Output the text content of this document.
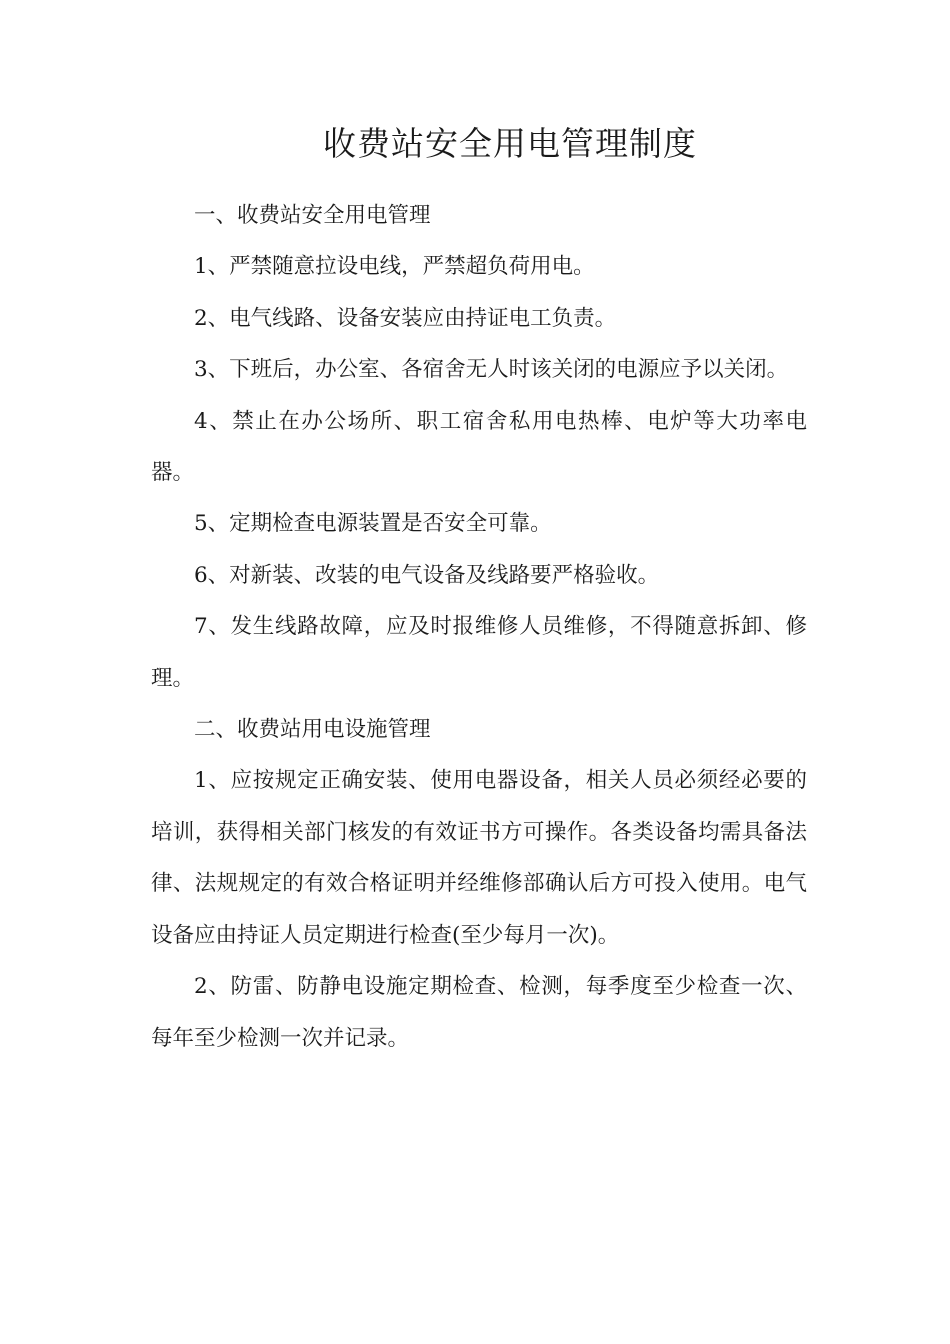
收费站安全用电管理制度

一、收费站安全用电管理

1、严禁随意拉设电线，严禁超负荷用电。

2、电气线路、设备安装应由持证电工负责。

3、下班后，办公室、各宿舍无人时该关闭的电源应予以关闭。

4、禁止在办公场所、职工宿舍私用电热棒、电炉等大功率电器。

5、定期检查电源装置是否安全可靠。

6、对新装、改装的电气设备及线路要严格验收。

7、发生线路故障，应及时报维修人员维修，不得随意拆卸、修理。

二、收费站用电设施管理

1、应按规定正确安装、使用电器设备，相关人员必须经必要的培训，获得相关部门核发的有效证书方可操作。各类设备均需具备法律、法规规定的有效合格证明并经维修部确认后方可投入使用。电气设备应由持证人员定期进行检查(至少每月一次)。

2、防雷、防静电设施定期检查、检测，每季度至少检查一次、每年至少检测一次并记录。
